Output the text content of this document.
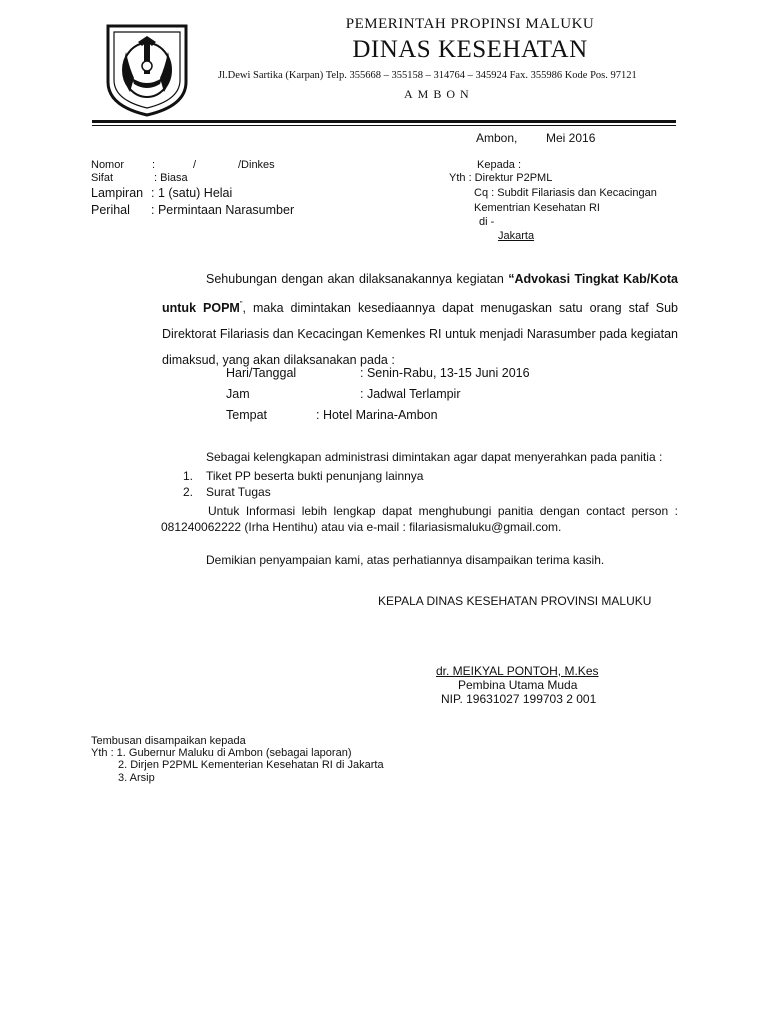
PEMERINTAH PROPINSI MALUKU
DINAS KESEHATAN
Jl.Dewi Sartika (Karpan) Telp. 355668 – 355158 – 314764 – 345924 Fax. 355986 Kode Pos. 97121
AMBON
Ambon, Mei 2016
Nomor	:	/	/Dinkes
Sifat	: Biasa
Lampiran : 1 (satu) Helai
Perihal : Permintaan Narasumber
Kepada :
Yth : Direktur P2PML
Cq : Subdit Filariasis dan Kecacingan
Kementrian Kesehatan RI
di -
Jakarta
Sehubungan dengan akan dilaksanakannya kegiatan “Advokasi Tingkat Kab/Kota untuk POPM”, maka dimintakan kesediaannya dapat menugaskan satu orang staf Sub Direktorat Filariasis dan Kecacingan Kemenkes RI untuk menjadi Narasumber pada kegiatan dimaksud, yang akan dilaksanakan pada :
Hari/Tanggal	: Senin-Rabu, 13-15 Juni 2016
Jam	: Jadwal Terlampir
Tempat	: Hotel Marina-Ambon
Sebagai kelengkapan administrasi dimintakan agar dapat menyerahkan pada panitia :
1. Tiket PP beserta bukti penunjang lainnya
2. Surat Tugas
Untuk Informasi lebih lengkap dapat menghubungi panitia dengan contact person :
081240062222 (Irha Hentihu) atau via e-mail : filariasismaluku@gmail.com.
Demikian penyampaian kami, atas perhatiannya disampaikan terima kasih.
KEPALA DINAS KESEHATAN PROVINSI MALUKU
dr. MEIKYAL PONTOH, M.Kes
Pembina Utama Muda
NIP. 19631027 199703 2 001
Tembusan disampaikan kepada
Yth : 1. Gubernur Maluku di Ambon (sebagai laporan)
2. Dirjen P2PML Kementerian Kesehatan RI di Jakarta
3. Arsip
